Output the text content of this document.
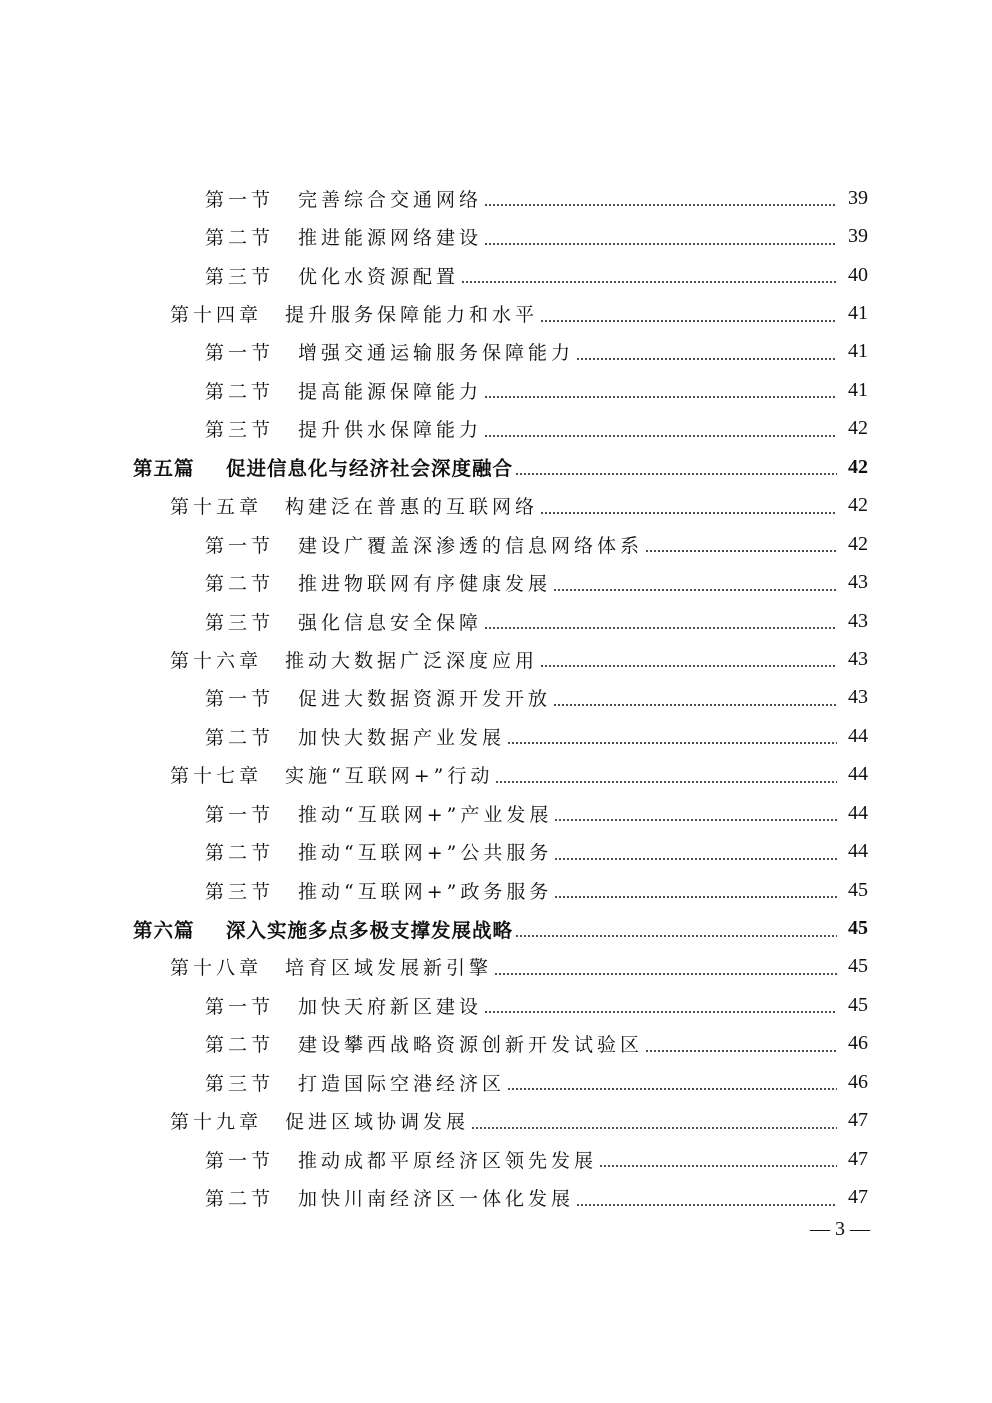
第一节	完善综合交通网络	39
第二节	推进能源网络建设	39
第三节	优化水资源配置	40
第十四章	提升服务保障能力和水平	41
第一节	增强交通运输服务保障能力	41
第二节	提高能源保障能力	41
第三节	提升供水保障能力	42
第五篇	促进信息化与经济社会深度融合	42
第十五章	构建泛在普惠的互联网络	42
第一节	建设广覆盖深渗透的信息网络体系	42
第二节	推进物联网有序健康发展	43
第三节	强化信息安全保障	43
第十六章	推动大数据广泛深度应用	43
第一节	促进大数据资源开发开放	43
第二节	加快大数据产业发展	44
第十七章	实施“互联网+”行动	44
第一节	推动“互联网+”产业发展	44
第二节	推动“互联网+”公共服务	44
第三节	推动“互联网+”政务服务	45
第六篇	深入实施多点多极支撑发展战略	45
第十八章	培育区域发展新引擎	45
第一节	加快天府新区建设	45
第二节	建设攀西战略资源创新开发试验区	46
第三节	打造国际空港经济区	46
第十九章	促进区域协调发展	47
第一节	推动成都平原经济区领先发展	47
第二节	加快川南经济区一体化发展	47
— 3 —
